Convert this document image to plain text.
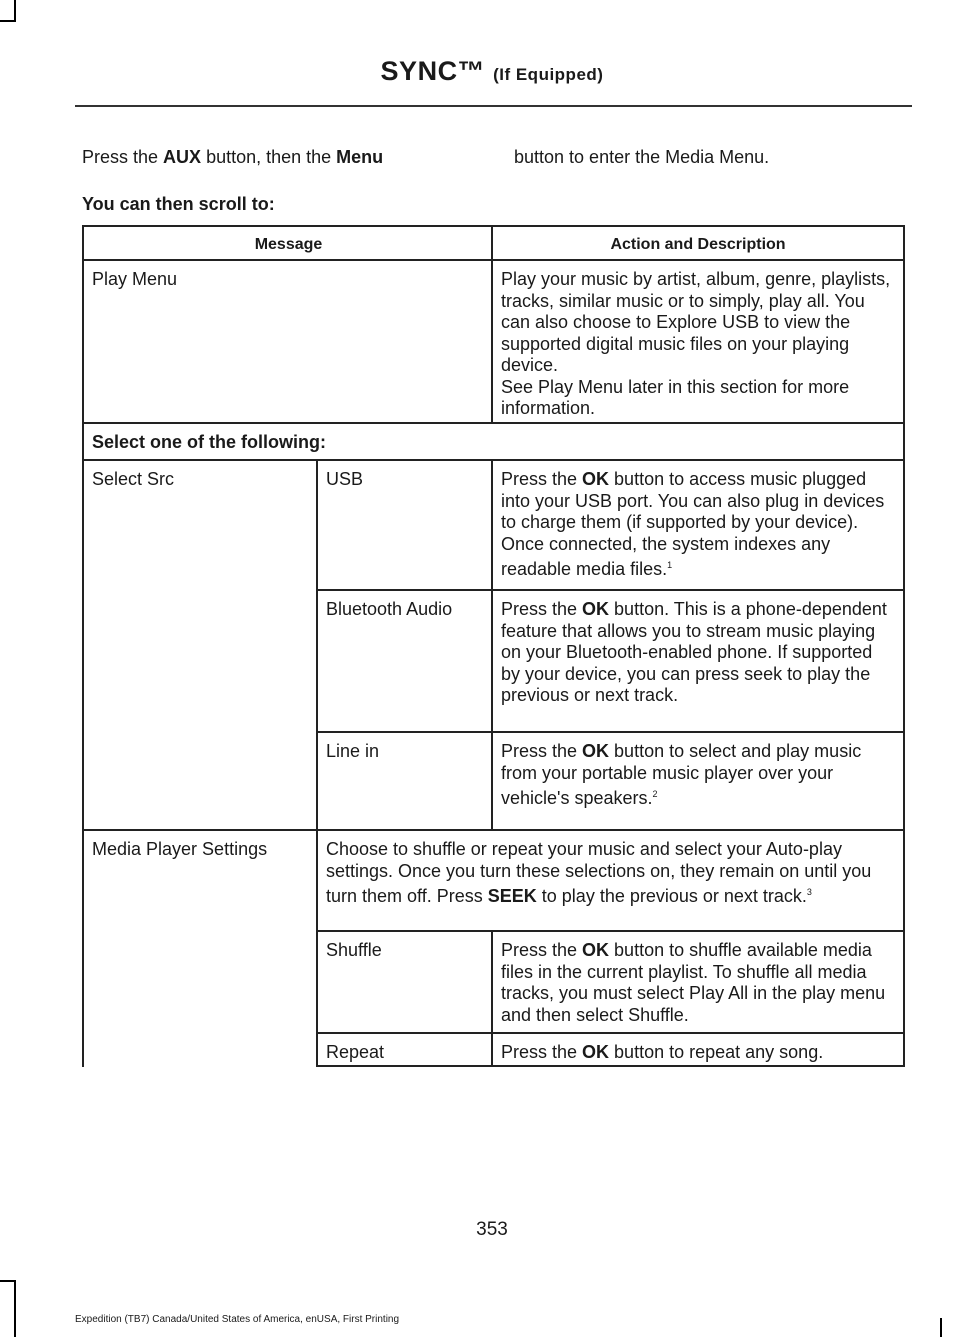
SYNC™ (If Equipped)
Press the AUX button, then the Menu	button to enter the Media Menu.
You can then scroll to:
Message	Action and Description
Play Menu	Play your music by artist, album, genre, playlists, tracks, similar music or to simply, play all. You can also choose to Explore USB to view the supported digital music files on your playing device.
See Play Menu later in this section for more information.
Select one of the following:
Select Src	USB	Press the OK button to access music plugged into your USB port. You can also plug in devices to charge them (if supported by your device). Once connected, the system indexes any readable media files.$^1$
Bluetooth Audio	Press the OK button. This is a phone-dependent feature that allows you to stream music playing on your Bluetooth-enabled phone. If supported by your device, you can press seek to play the previous or next track.
Line in	Press the OK button to select and play music from your portable music player over your vehicle's speakers.$^2$
Media Player Settings	Choose to shuffle or repeat your music and select your Auto-play settings. Once you turn these selections on, they remain on until you turn them off. Press SEEK to play the previous or next track.$^3$
Shuffle	Press the OK button to shuffle available media files in the current playlist. To shuffle all media tracks, you must select Play All in the play menu and then select Shuffle.
Repeat	Press the OK button to repeat any song.
353
Expedition (TB7) Canada/United States of America, enUSA, First Printing
